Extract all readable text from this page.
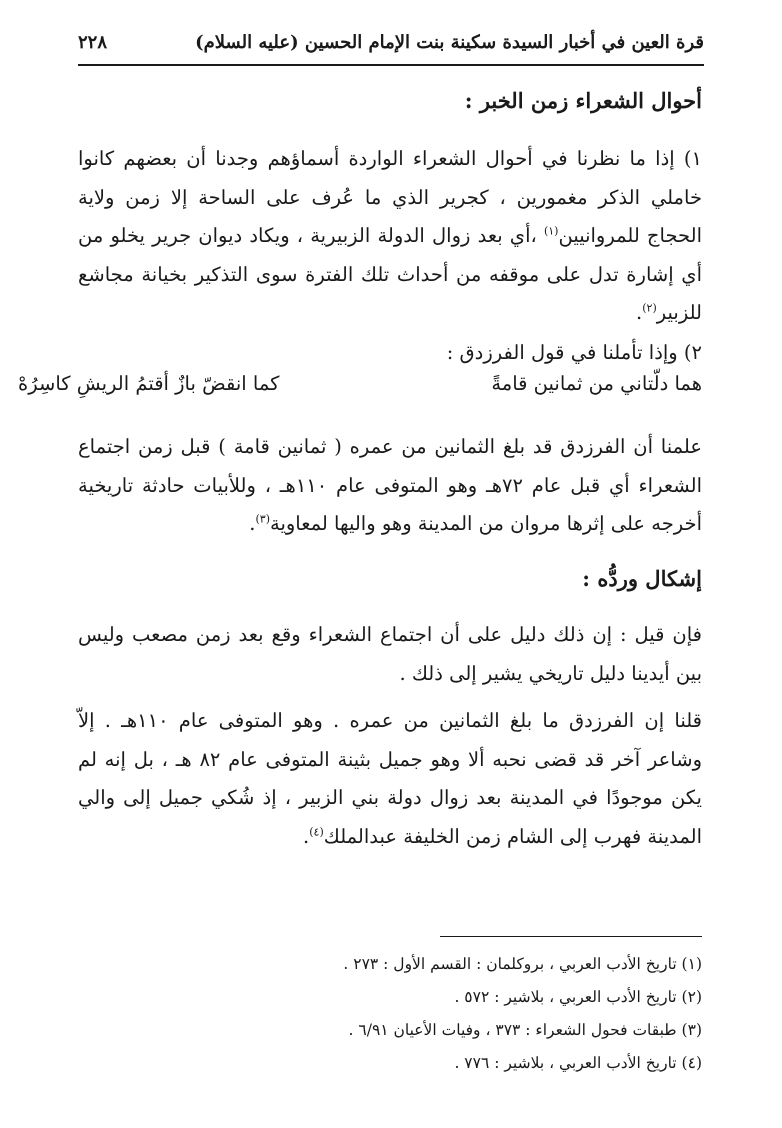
قرة العين في أخبار السيدة سكينة بنت الإمام الحسين (عليه السلام)
٢٢٨
أحوال الشعراء زمن الخبر :

١) إذا ما نظرنا في أحوال الشعراء الواردة أسماؤهم وجدنا أن بعضهم كانوا خاملي الذكر مغمورين ، كجرير الذي ما عُرف على الساحة إلا زمن ولاية الحجاج للمروانيين$^{(١)}$ ،أي بعد زوال الدولة الزبيرية ، ويكاد ديوان جرير يخلو من أي إشارة تدل على موقفه من أحداث تلك الفترة سوى التذكير بخيانة مجاشع للزبير$^{(٢)}$.

٢) وإذا تأملنا في قول الفرزدق :

هما دلّتاني من ثمانين قامةً
كما انقضّ بازٌ أقتمُ الريشِ كاسِرُهْ

علمنا أن الفرزدق قد بلغ الثمانين من عمره ( ثمانين قامة ) قبل زمن اجتماع الشعراء أي قبل عام ٧٢هـ وهو المتوفى عام ١١٠هـ ، وللأبيات حادثة تاريخية أخرجه على إثرها مروان من المدينة وهو واليها لمعاوية$^{(٣)}$.

إشكال وردُّه :

فإن قيل : إن ذلك دليل على أن اجتماع الشعراء وقع بعد زمن مصعب وليس بين أيدينا دليل تاريخي يشير إلى ذلك .

قلنا إن الفرزدق ما بلغ الثمانين من عمره . وهو المتوفى عام ١١٠هـ . إلاّ وشاعر آخر قد قضى نحبه ألا وهو جميل بثينة المتوفى عام ٨٢ هـ ، بل إنه لم يكن موجودًا في المدينة بعد زوال دولة بني الزبير ، إذ شُكي جميل إلى والي المدينة فهرب إلى الشام زمن الخليفة عبدالملك$^{(٤)}$.

(١) تاريخ الأدب العربي ، بروكلمان : القسم الأول : ٢٧٣ .
(٢) تاريخ الأدب العربي ، بلاشير : ٥٧٢ .
(٣) طبقات فحول الشعراء : ٣٧٣ ، وفيات الأعيان ٦/٩١ .
(٤) تاريخ الأدب العربي ، بلاشير : ٧٧٦ .
